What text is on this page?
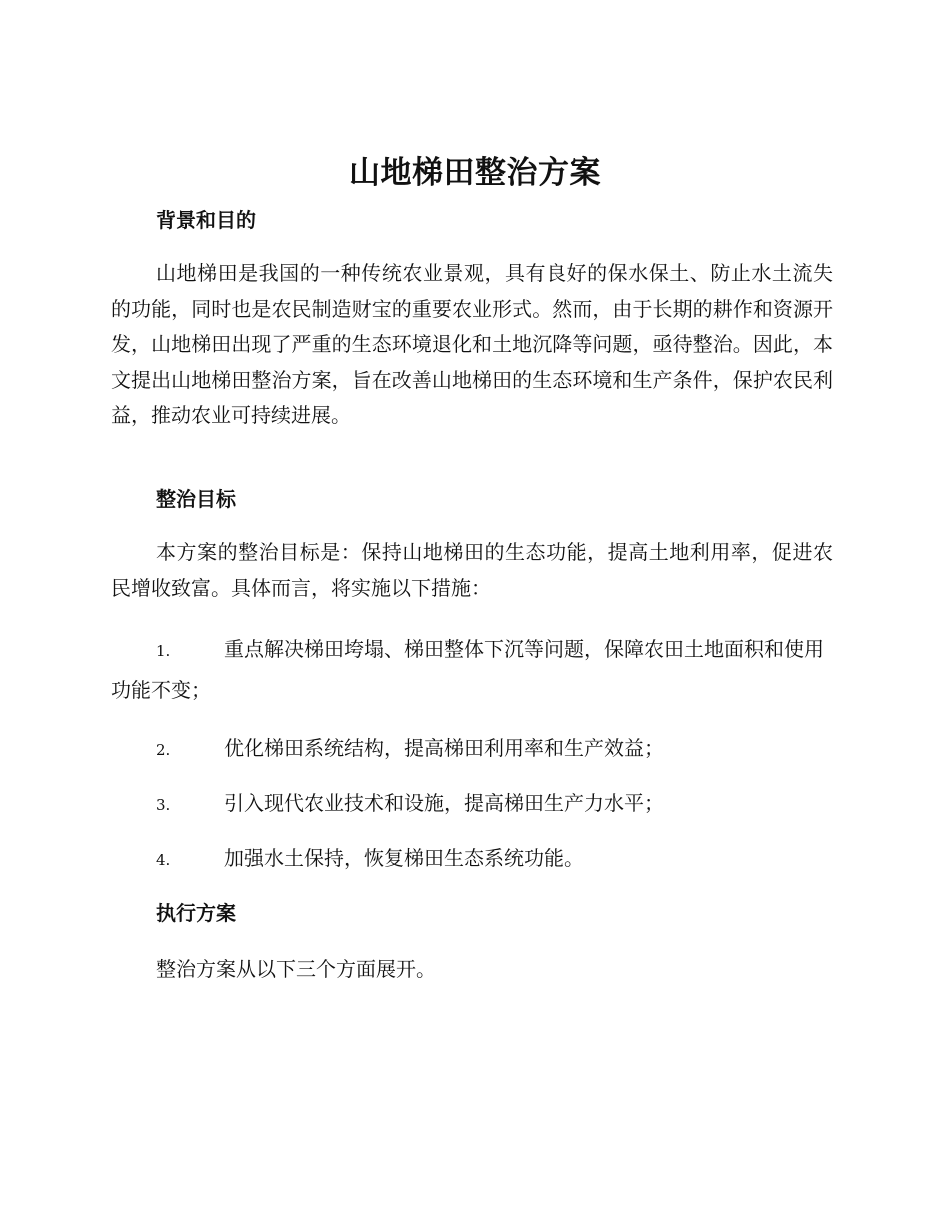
山地梯田整治方案
背景和目的

山地梯田是我国的一种传统农业景观，具有良好的保水保土、防止水土流失的功能，同时也是农民制造财宝的重要农业形式。然而，由于长期的耕作和资源开发，山地梯田出现了严重的生态环境退化和土地沉降等问题，亟待整治。因此，本文提出山地梯田整治方案，旨在改善山地梯田的生态环境和生产条件，保护农民利益，推动农业可持续进展。

整治目标

本方案的整治目标是：保持山地梯田的生态功能，提高土地利用率，促进农民增收致富。具体而言，将实施以下措施：

1.	重点解决梯田垮塌、梯田整体下沉等问题，保障农田土地面积和使用功能不变；
2.	优化梯田系统结构，提高梯田利用率和生产效益；
3.	引入现代农业技术和设施，提高梯田生产力水平；
4.	加强水土保持，恢复梯田生态系统功能。
执行方案

整治方案从以下三个方面展开。
